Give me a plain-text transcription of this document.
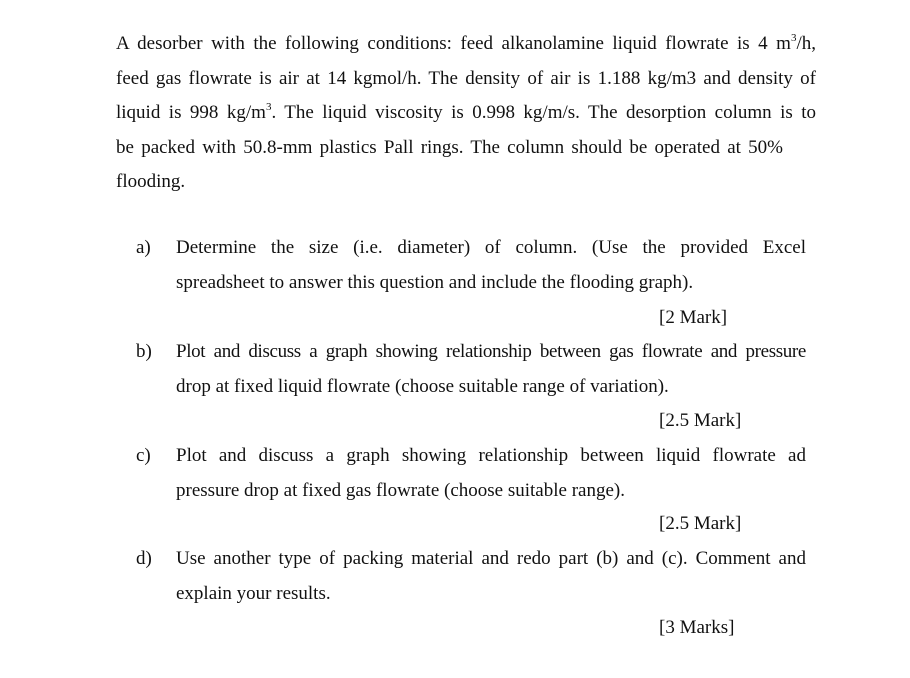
A desorber with the following conditions: feed alkanolamine liquid flowrate is 4 $m^3/h$,
feed gas flowrate is air at 14 kgmol/h. The density of air is 1.188 kg/m3 and density of
liquid is 998 $kg/m^3$. The liquid viscosity is 0.998 kg/m/s. The desorption column is to
be packed with 50.8-mm plastics Pall rings. The column should be operated at 50%
flooding.
a)	Determine the size (i.e. diameter) of column. (Use the provided Excel
spreadsheet to answer this question and include the flooding graph).
[2 Mark]
b)	Plot and discuss a graph showing relationship between gas flowrate and pressure
drop at fixed liquid flowrate (choose suitable range of variation).
[2.5 Mark]
c)	Plot and discuss a graph showing relationship between liquid flowrate ad
pressure drop at fixed gas flowrate (choose suitable range).
[2.5 Mark]
d)	Use another type of packing material and redo part (b) and (c). Comment and
explain your results.
[3 Marks]
